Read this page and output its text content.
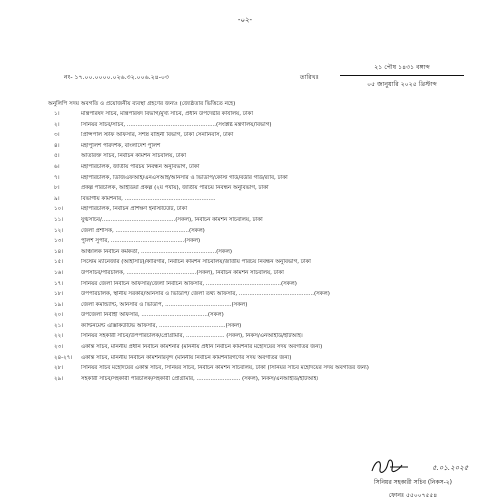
-০২-
নং- ১৭.০০.০০০০.০২৬.৩২.০০৬.২৪-০৩	তারিখঃ
২১ পৌষ ১৪৩১ বঙ্গাব্দ
০৫ জানুয়ারি ২০২৫ খ্রিস্টাব্দ
অনুলিপি সদয় অবগতি ও প্রয়োজনীয় ব্যবস্থা গ্রহণের জন্যঃ (জ্যেষ্ঠতার ভিত্তিতে নহে)
১।	মন্ত্রিপরিষদ সচিব, মন্ত্রিপরিষদ বিভাগ/মুখ্য সচিব, প্রধান উপদেষ্টার কার্যালয়, ঢাকা
২।	সিনিয়র সচিব/সচিব, ...................................................(সংশ্লিষ্ট মন্ত্রণালয়/বিভাগ)
৩।	প্রিন্সিপাল স্টাফ অফিসার, সশস্ত্র বাহিনী বিভাগ, ঢাকা সেনানিবাস, ঢাকা
৪।	মহাপুলিশ পরিদর্শক, বাংলাদেশ পুলিশ
৫।	অতিরিক্ত সচিব, নির্বাচন কমিশন সচিবালয়, ঢাকা
৬।	মহাপরিচালক, জাতীয় পরিচয় নিবন্ধন অনুবিভাগ, ঢাকা
৭।	মহাপরিচালক, ডিজিএফআই/এনএসআই/আনসার ও ভিডিপি/কোস্ট গার্ড/বর্ডার গার্ড/র‍্যাব, ঢাকা
৮।	প্রকল্প পরিচালক, আইডিয়া প্রকল্প (২য় পর্যায়), জাতীয় পরিচয় নিবন্ধন অনুবিভাগ, ঢাকা
৯।	বিভাগীয় কমিশনার, ....................................................
১০।	মহাপরিচালক, নির্বাচন প্রশিক্ষণ ইনস্টিটিউট, ঢাকা
১১।	যুগ্মসচিব/..........................................(সকল), নির্বাচন কমিশন সচিবালয়, ঢাকা
১২।	জেলা প্রশাসক, ..........................................(সকল)
১৩।	পুলিশ সুপার, ..........................................(সকল)
১৪।	আঞ্চলিক নির্বাচন কর্মকর্তা, ...........................................(সকল)
১৫।	সিস্টেম ম্যানেজার (আইসিটি)/কারিগরি, নির্বাচন কমিশন সচিবালয়/জাতীয় পরিচয় নিবন্ধন অনুবিভাগ, ঢাকা
১৬।	উপসচিব/পরিচালক, ........................................(সকল), নির্বাচন কমিশন সচিবালয়, ঢাকা
১৭।	সিনিয়র জেলা নির্বাচন অফিসার/জেলা নির্বাচন অফিসার, ...........................................(সকল)
১৮।	উপপরিচালক, স্থানীয় সরকার/আনসার ও ভিডিপি/ জেলা তথ্য অফিসার, ...........................................(সকল)
১৯।	জেলা কমান্ড্যান্ট, আনসার ও ভিডিপি, ......................................(সকল)
২০।	উপজেলা নির্বাহী অফিসার, ......................................(সকল)
২১।	ক্যান্টনমেন্ট এক্সিকিউটিভ অফিসার, ......................................(সকল)
২২।	সিনিয়র সহকারী সচিব/উপপরিচালক/প্রোগ্রামার, ...................... (সকল), নিকস/এনআইডি/ইটিআই।
২৩।	একান্ত সচিব, মাননীয় প্রধান নির্বাচন কমিশনার (মাননীয় প্রধান নির্বাচন কমিশনার মহোদয়ের সদয় অবগতির জন্য)
২৪-২৭।	একান্ত সচিব, মাননীয় নির্বাচন কমিশনারবৃন্দ (মাননীয় নির্বাচন কমিশনারগণের সদয় অবগতির জন্য)
২৮।	সিনিয়র সচিব মহোদয়ের একান্ত সচিব, সিনিয়র সচিব, নির্বাচন কমিশন সচিবালয়, ঢাকা (সিনিয়র সচিব মহোদয়ের সদয় অবগতির জন্য)
২৯।	সহকারী সচিব/সহকারী পরিচালক/সহকারী প্রোগ্রামার, ......................... (সকল), নিকস/এনআইডি/ইটিআই।
৫.০১.২০২৫
সিনিয়র সহকারী সচিব (নিকস-২)
ফোনঃ ৫৫০০৭৫৫৪
